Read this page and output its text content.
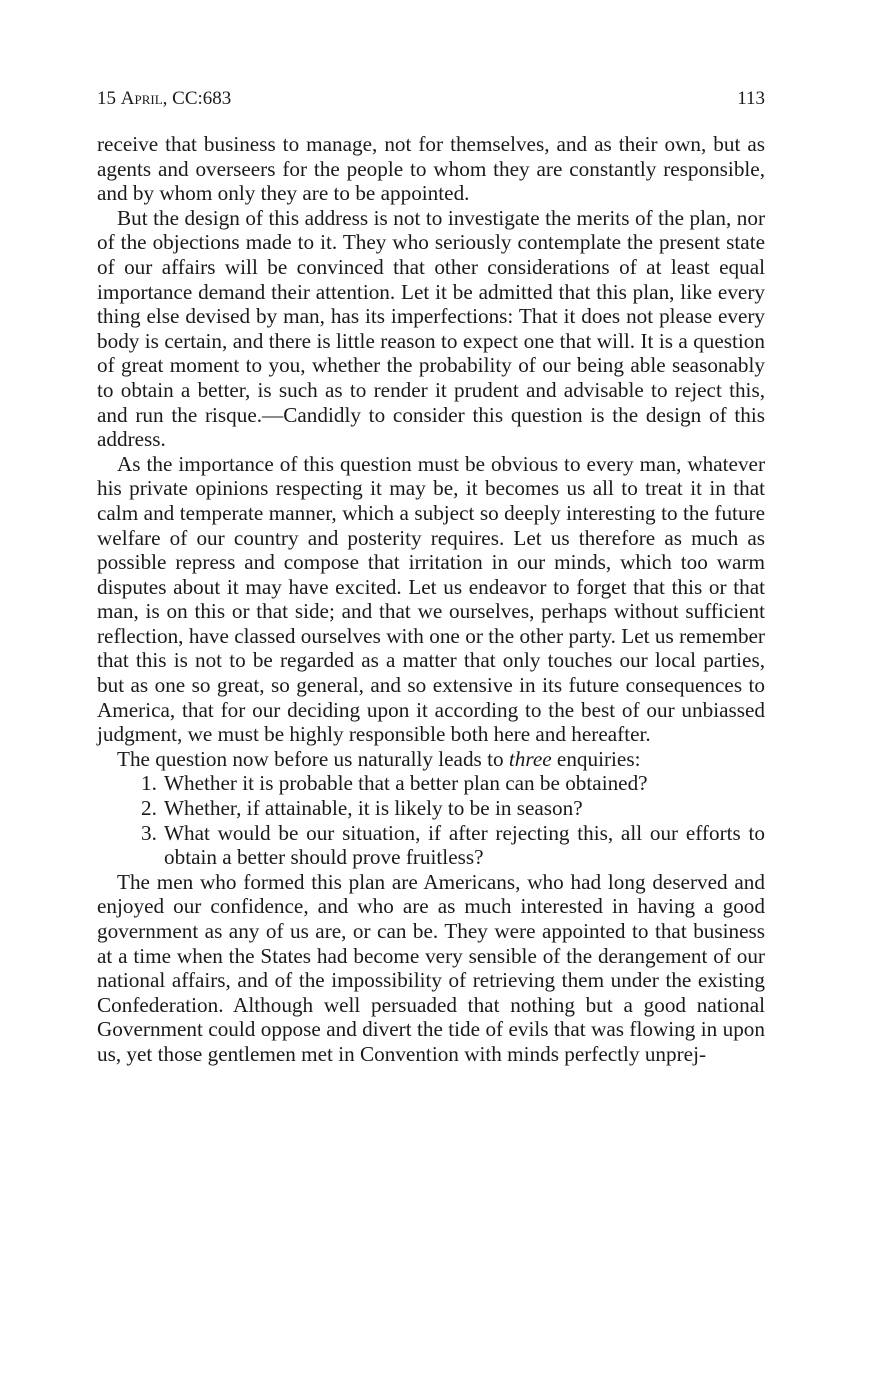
15 April, CC:683	113

receive that business to manage, not for themselves, and as their own, but as agents and overseers for the people to whom they are constantly responsible, and by whom only they are to be appointed.

But the design of this address is not to investigate the merits of the plan, nor of the objections made to it. They who seriously contemplate the present state of our affairs will be convinced that other considerations of at least equal importance demand their attention. Let it be admitted that this plan, like every thing else devised by man, has its imperfections: That it does not please every body is certain, and there is little reason to expect one that will. It is a question of great moment to you, whether the probability of our being able seasonably to obtain a better, is such as to render it prudent and advisable to reject this, and run the risque.—Candidly to consider this question is the design of this address.

As the importance of this question must be obvious to every man, whatever his private opinions respecting it may be, it becomes us all to treat it in that calm and temperate manner, which a subject so deeply interesting to the future welfare of our country and posterity requires. Let us therefore as much as possible repress and compose that irritation in our minds, which too warm disputes about it may have excited. Let us endeavor to forget that this or that man, is on this or that side; and that we ourselves, perhaps without sufficient reflection, have classed ourselves with one or the other party. Let us remember that this is not to be regarded as a matter that only touches our local parties, but as one so great, so general, and so extensive in its future consequences to America, that for our deciding upon it according to the best of our unbiassed judgment, we must be highly responsible both here and hereafter.

The question now before us naturally leads to three enquiries:

1. Whether it is probable that a better plan can be obtained?
2. Whether, if attainable, it is likely to be in season?
3. What would be our situation, if after rejecting this, all our efforts to obtain a better should prove fruitless?

The men who formed this plan are Americans, who had long deserved and enjoyed our confidence, and who are as much interested in having a good government as any of us are, or can be. They were appointed to that business at a time when the States had become very sensible of the derangement of our national affairs, and of the impossibility of retrieving them under the existing Confederation. Although well persuaded that nothing but a good national Government could oppose and divert the tide of evils that was flowing in upon us, yet those gentlemen met in Convention with minds perfectly unprej-
